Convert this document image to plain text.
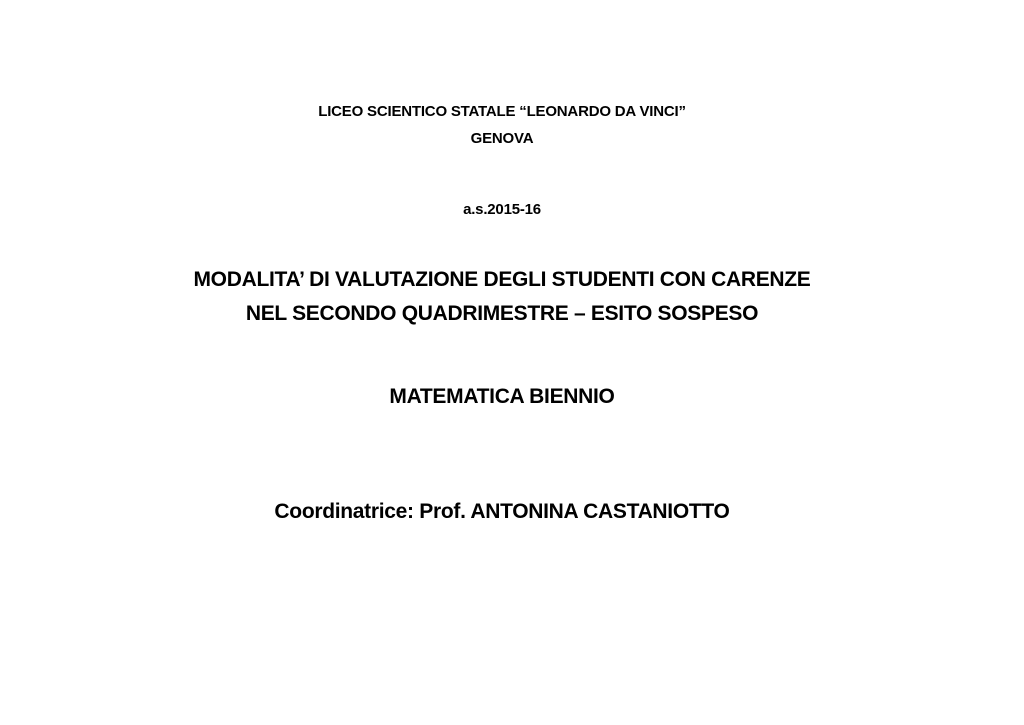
LICEO SCIENTICO STATALE “LEONARDO DA VINCI”
GENOVA
a.s.2015-16
MODALITA’ DI VALUTAZIONE DEGLI STUDENTI CON CARENZE
NEL SECONDO QUADRIMESTRE – ESITO SOSPESO
MATEMATICA BIENNIO
Coordinatrice: Prof. ANTONINA CASTANIOTTO
